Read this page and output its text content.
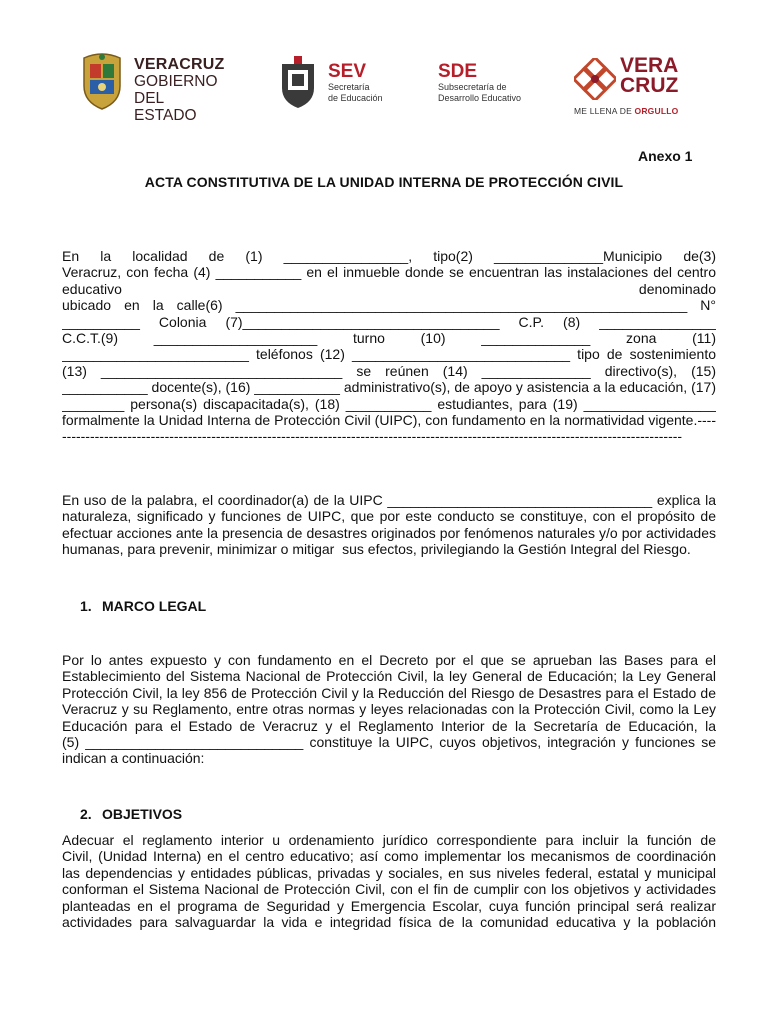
VERACRUZ
GOBIERNO
DEL ESTADO
SEV
Secretaría
de Educación
SDE
Subsecretaría de
Desarrollo Educativo
VERA
CRUZ
ME LLENA DE ORGULLO
Anexo 1
ACTA CONSTITUTIVA DE LA UNIDAD INTERNA DE PROTECCIÓN CIVIL
En la localidad de (1) ________________, tipo(2) ______________Municipio de(3)
Veracruz, con fecha (4) ___________ en el inmueble donde se encuentran las instalaciones del centro
educativo denominado
ubicado en la calle(6) __________________________________________________________ N°
__________ Colonia (7)_________________________________ C.P. (8) _______________
C.C.T.(9) _____________________ turno (10) ______________ zona (11)
________________________ teléfonos (12) ____________________________ tipo de sostenimiento
(13) _______________________________ se reúnen (14) ______________ directivo(s), (15)
___________ docente(s), (16) ___________ administrativo(s), de apoyo y asistencia a la educación, (17)
________ persona(s) discapacitada(s), (18) ___________ estudiantes, para (19) _________________
formalmente la Unidad Interna de Protección Civil (UIPC), con fundamento en la normatividad vigente.----
-------------------------------------------------------------------------------------------------------------------------------------
En uso de la palabra, el coordinador(a) de la UIPC __________________________________ explica la
naturaleza, significado y funciones de UIPC, que por este conducto se constituye, con el propósito de
efectuar acciones ante la presencia de desastres originados por fenómenos naturales y/o por actividades
humanas, para prevenir, minimizar o mitigar  sus efectos, privilegiando la Gestión Integral del Riesgo.
1. MARCO LEGAL
Por lo antes expuesto y con fundamento en el Decreto por el que se aprueban las Bases para el
Establecimiento del Sistema Nacional de Protección Civil, la ley General de Educación; la Ley General
Protección Civil, la ley 856 de Protección Civil y la Reducción del Riesgo de Desastres para el Estado de
Veracruz y su Reglamento, entre otras normas y leyes relacionadas con la Protección Civil, como la Ley
Educación para el Estado de Veracruz y el Reglamento Interior de la Secretaría de Educación, la
(5) ____________________________ constituye la UIPC, cuyos objetivos, integración y funciones se
indican a continuación:
2. OBJETIVOS
Adecuar el reglamento interior u ordenamiento jurídico correspondiente para incluir la función de
Civil, (Unidad Interna) en el centro educativo; así como implementar los mecanismos de coordinación
las dependencias y entidades públicas, privadas y sociales, en sus niveles federal, estatal y municipal
conforman el Sistema Nacional de Protección Civil, con el fin de cumplir con los objetivos y actividades
planteadas en el programa de Seguridad y Emergencia Escolar, cuya función principal será realizar
actividades para salvaguardar la vida e integridad física de la comunidad educativa y la población
